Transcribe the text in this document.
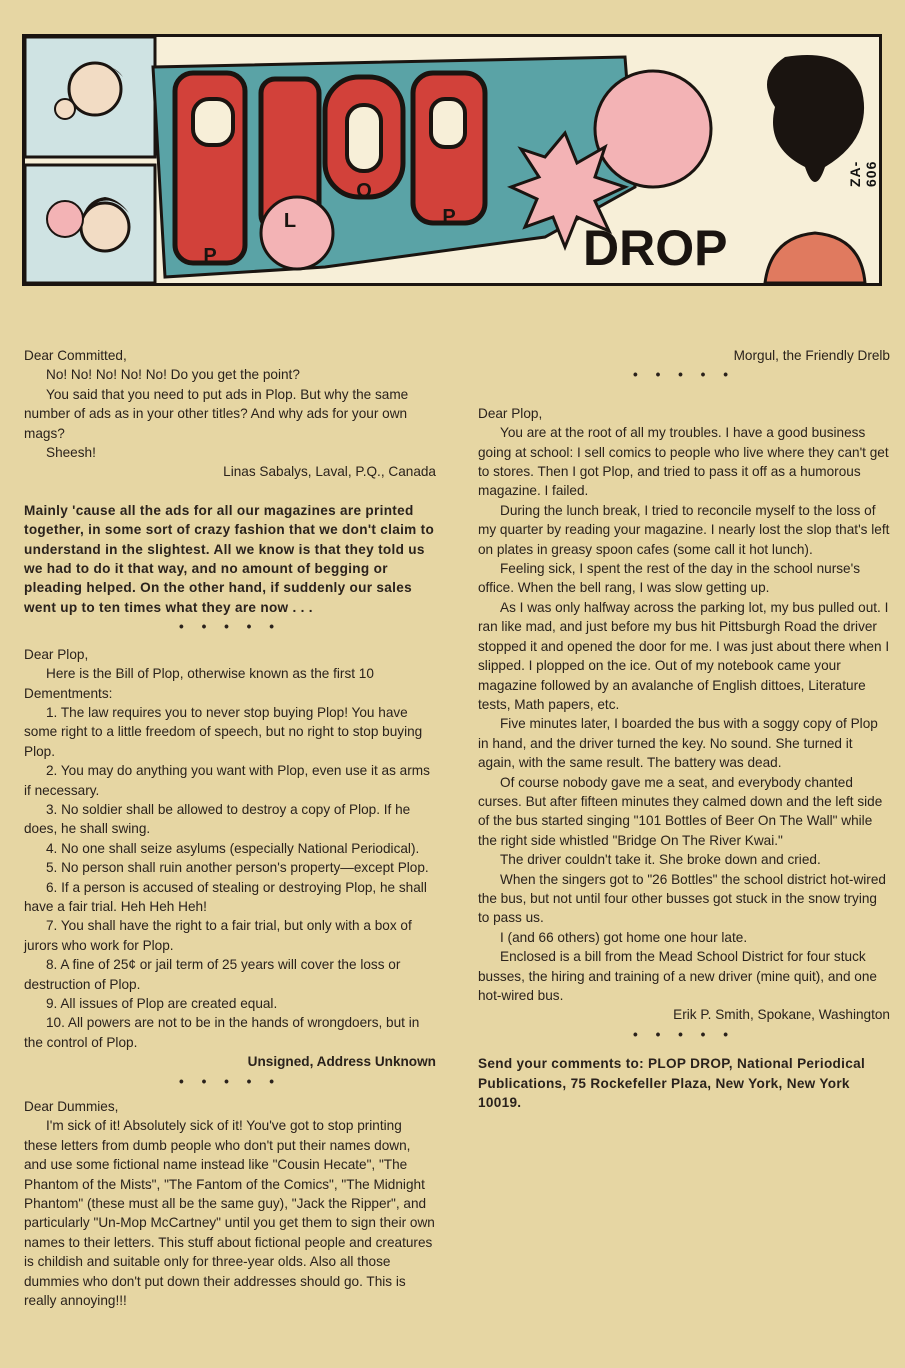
DROP
P
L
O
P
ZA-606

Dear Committed,

No! No! No! No! No! Do you get the point?

You said that you need to put ads in Plop. But why the same number of ads as in your other titles? And why ads for your own mags?

Sheesh!

Linas Sabalys, Laval, P.Q., Canada

Mainly 'cause all the ads for all our magazines are printed together, in some sort of crazy fashion that we don't claim to understand in the slightest. All we know is that they told us we had to do it that way, and no amount of begging or pleading helped. On the other hand, if suddenly our sales went up to ten times what they are now . . .

• • • • •

Dear Plop,

Here is the Bill of Plop, otherwise known as the first 10 Dementments:

1. The law requires you to never stop buying Plop! You have some right to a little freedom of speech, but no right to stop buying Plop.

2. You may do anything you want with Plop, even use it as arms if necessary.

3. No soldier shall be allowed to destroy a copy of Plop. If he does, he shall swing.

4. No one shall seize asylums (especially National Periodical).

5. No person shall ruin another person's property—except Plop.

6. If a person is accused of stealing or destroying Plop, he shall have a fair trial. Heh Heh Heh!

7. You shall have the right to a fair trial, but only with a box of jurors who work for Plop.

8. A fine of 25¢ or jail term of 25 years will cover the loss or destruction of Plop.

9. All issues of Plop are created equal.

10. All powers are not to be in the hands of wrongdoers, but in the control of Plop.

Unsigned, Address Unknown

• • • • •

Dear Dummies,

I'm sick of it! Absolutely sick of it! You've got to stop printing these letters from dumb people who don't put their names down, and use some fictional name instead like "Cousin Hecate", "The Phantom of the Mists", "The Fantom of the Comics", "The Midnight Phantom" (these must all be the same guy), "Jack the Ripper", and particularly "Un-Mop McCartney" until you get them to sign their own names to their letters. This stuff about fictional people and creatures is childish and suitable only for three-year olds. Also all those dummies who don't put down their addresses should go. This is really annoying!!!

Morgul, the Friendly Drelb

• • • • •

Dear Plop,

You are at the root of all my troubles. I have a good business going at school: I sell comics to people who live where they can't get to stores. Then I got Plop, and tried to pass it off as a humorous magazine. I failed.

During the lunch break, I tried to reconcile myself to the loss of my quarter by reading your magazine. I nearly lost the slop that's left on plates in greasy spoon cafes (some call it hot lunch).

Feeling sick, I spent the rest of the day in the school nurse's office. When the bell rang, I was slow getting up.

As I was only halfway across the parking lot, my bus pulled out. I ran like mad, and just before my bus hit Pittsburgh Road the driver stopped it and opened the door for me. I was just about there when I slipped. I plopped on the ice. Out of my notebook came your magazine followed by an avalanche of English dittoes, Literature tests, Math papers, etc.

Five minutes later, I boarded the bus with a soggy copy of Plop in hand, and the driver turned the key. No sound. She turned it again, with the same result. The battery was dead.

Of course nobody gave me a seat, and everybody chanted curses. But after fifteen minutes they calmed down and the left side of the bus started singing "101 Bottles of Beer On The Wall" while the right side whistled "Bridge On The River Kwai."

The driver couldn't take it. She broke down and cried.

When the singers got to "26 Bottles" the school district hot-wired the bus, but not until four other busses got stuck in the snow trying to pass us.

I (and 66 others) got home one hour late.

Enclosed is a bill from the Mead School District for four stuck busses, the hiring and training of a new driver (mine quit), and one hot-wired bus.

Erik P. Smith, Spokane, Washington

• • • • •

Send your comments to: PLOP DROP, National Periodical Publications, 75 Rockefeller Plaza, New York, New York 10019.
